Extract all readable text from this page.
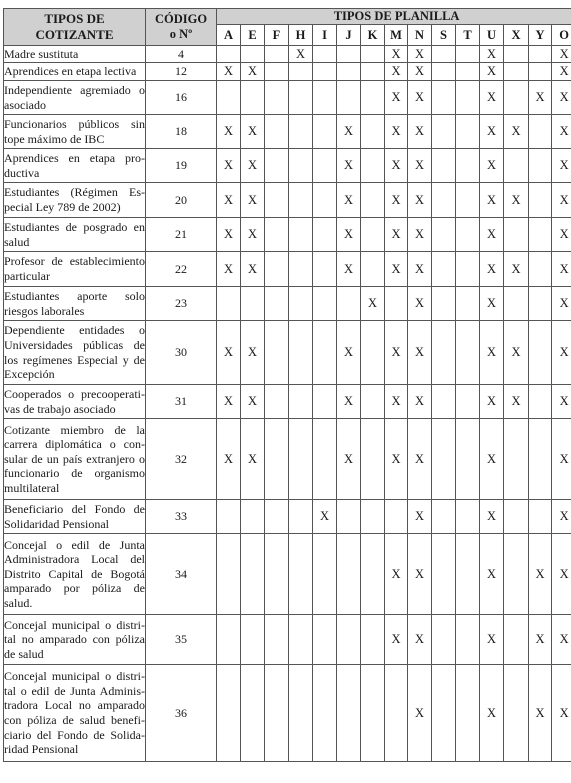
TIPOS DE COTIZANTE	CÓDIGO
o Nº	TIPOS DE PLANILLA														
		A	E	F	H	I	J	K	M	N	S	T	U	X	Y	O
Madre sustituta	4				X				X	X			X			X
Aprendices en etapa lectiva	12	X	X						X	X			X			X
Independiente agremiado o asociado	16								X	X			X		X	X
Funcionarios públicos sin tope máximo de IBC	18	X	X				X		X	X			X	X		X
Aprendices en etapa pro-ductiva	19	X	X				X		X	X			X			X
Estudiantes (Régimen Es-pecial Ley 789 de 2002)	20	X	X				X		X	X			X	X		X
Estudiantes de posgrado en salud	21	X	X				X		X	X			X			X
Profesor de establecimiento particular	22	X	X				X		X	X			X	X		X
Estudiantes aporte solo riesgos laborales	23							X		X			X			X
Dependiente entidades o Universidades públicas de los regímenes Especial y de Excepción	30	X	X				X		X	X			X	X		X
Cooperados o precooperati-vas de trabajo asociado	31	X	X				X		X	X			X	X		X
Cotizante miembro de la carrera diplomática o con-sular de un país extranjero o funcionario de organismo multilateral	32	X	X				X		X	X			X			X
Beneficiario del Fondo de Solidaridad Pensional	33					X				X			X			X
Concejal o edil de Junta Administradora Local del Distrito Capital de Bogotá amparado por póliza de salud.	34								X	X			X		X	X
Concejal municipal o distri-tal no amparado con póliza de salud	35								X	X			X		X	X
Concejal municipal o distri-tal o edil de Junta Adminis-tradora Local no amparado con póliza de salud benefi-ciario del Fondo de Solida-ridad Pensional	36									X			X		X	X
